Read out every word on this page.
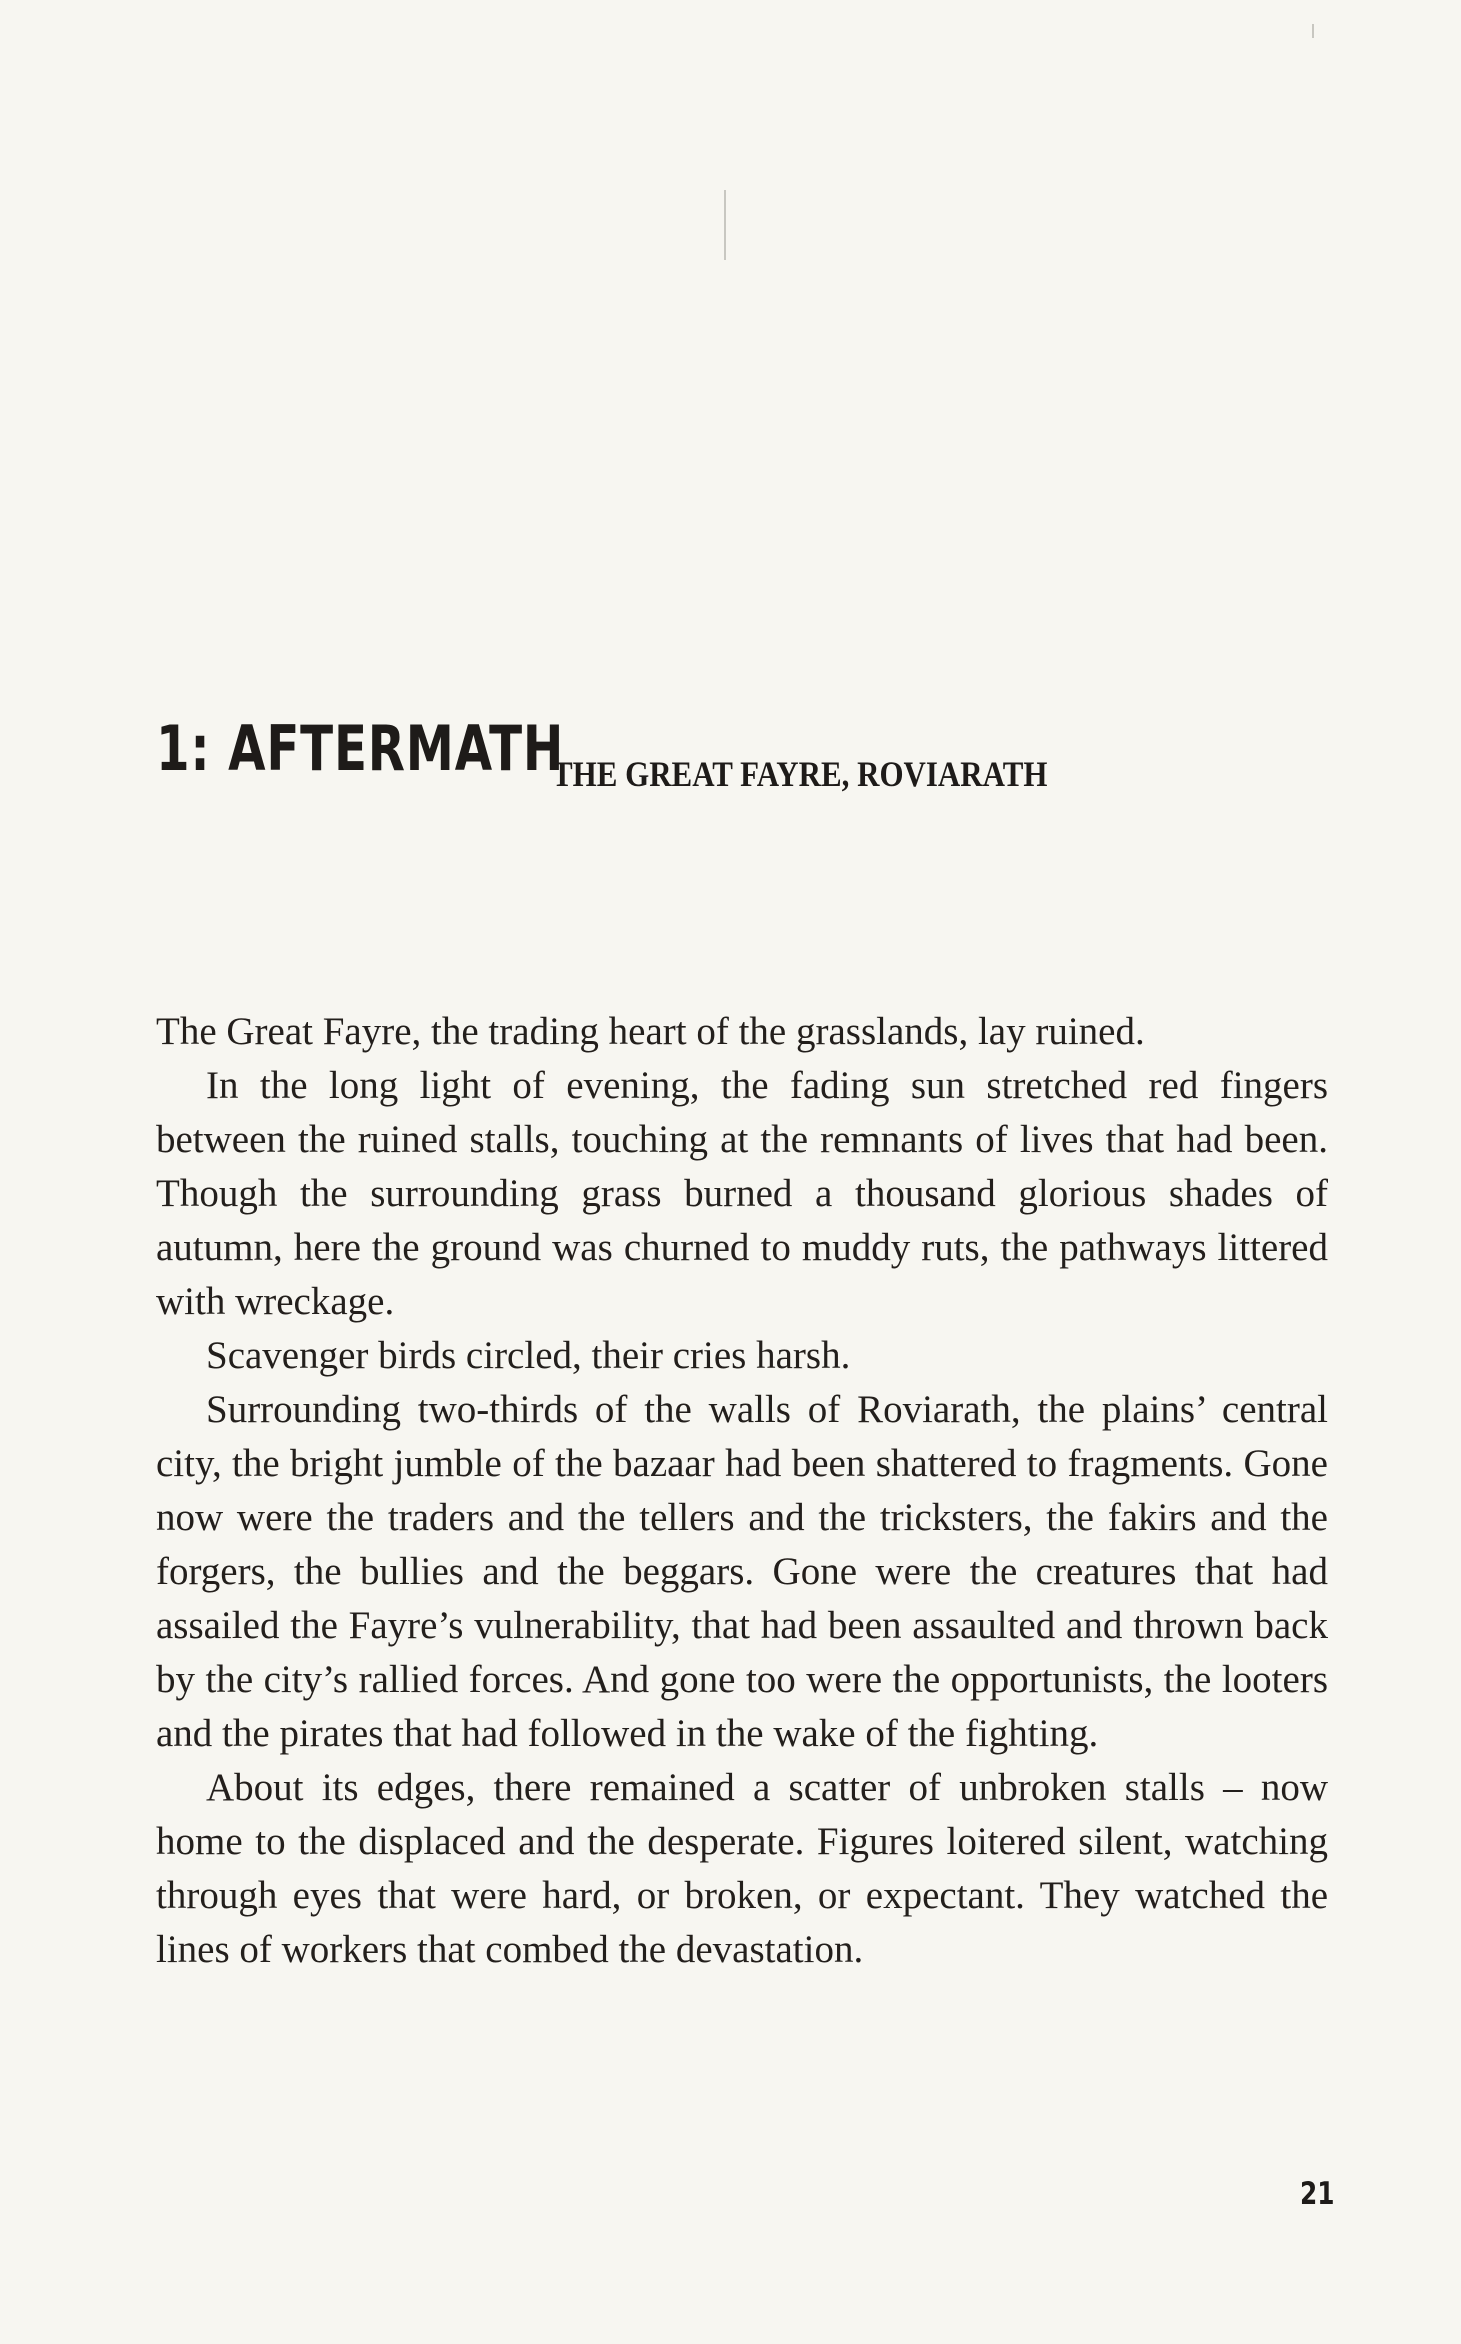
1: AFTERMATH
THE GREAT FAYRE, ROVIARATH

The Great Fayre, the trading heart of the grasslands, lay ruined.

In the long light of evening, the fading sun stretched red fingers between the ruined stalls, touching at the remnants of lives that had been. Though the surrounding grass burned a thousand glorious shades of autumn, here the ground was churned to muddy ruts, the pathways littered with wreckage.

Scavenger birds circled, their cries harsh.

Surrounding two-thirds of the walls of Roviarath, the plains’ central city, the bright jumble of the bazaar had been shattered to fragments. Gone now were the traders and the tellers and the tricksters, the fakirs and the forgers, the bullies and the beggars. Gone were the creatures that had assailed the Fayre’s vulnerability, that had been assaulted and thrown back by the city’s rallied forces. And gone too were the opportunists, the looters and the pirates that had followed in the wake of the fighting.

About its edges, there remained a scatter of unbroken stalls – now home to the displaced and the desperate. Figures loitered silent, watching through eyes that were hard, or broken, or expectant. They watched the lines of workers that combed the devastation.

21
